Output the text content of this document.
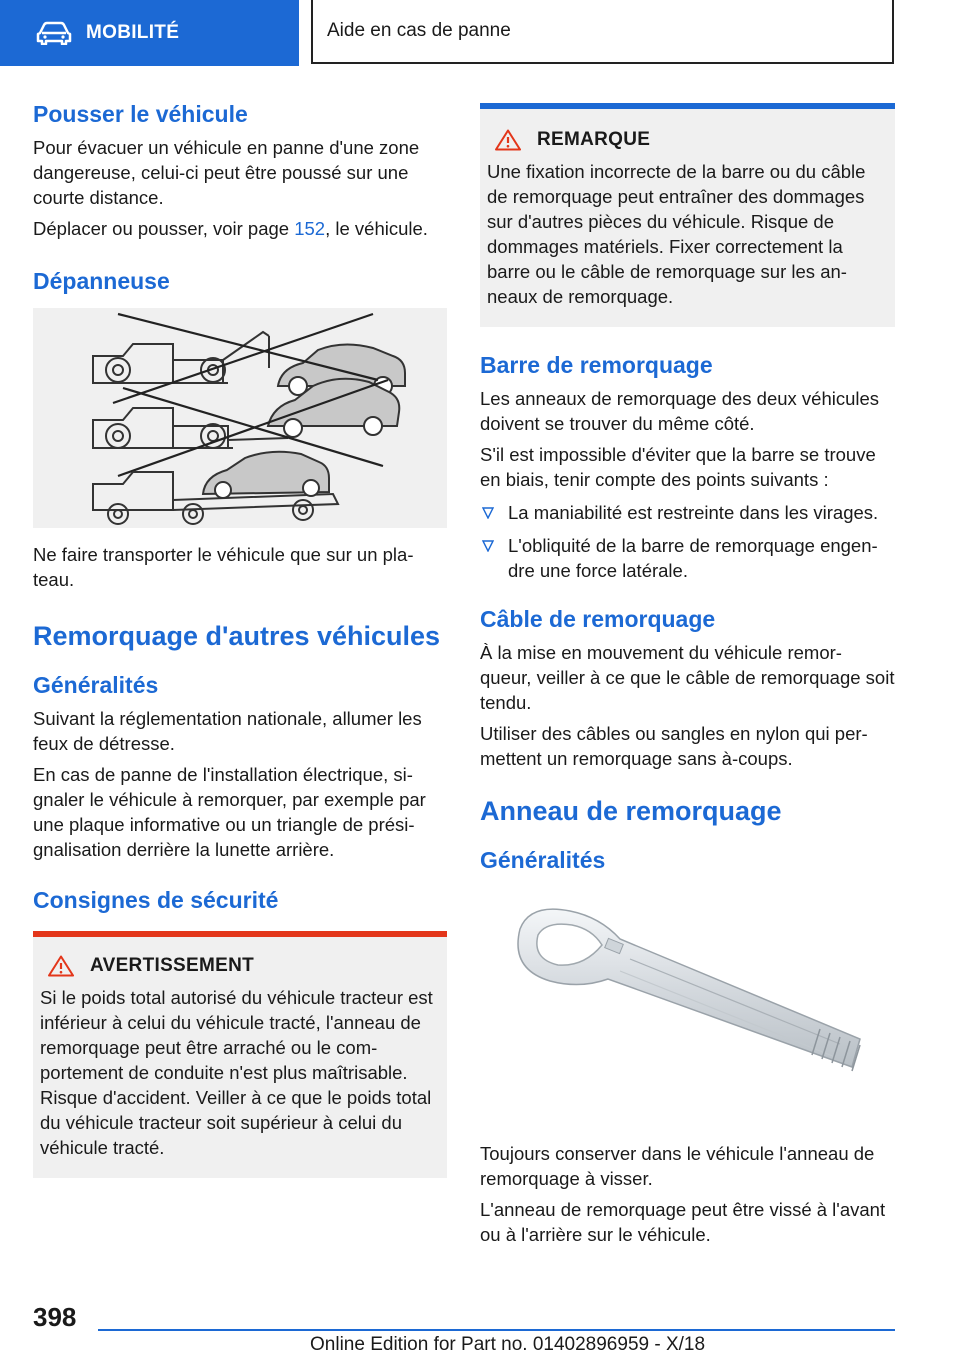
MOBILITÉ	Aide en cas de panne
Pousser le véhicule

Pour évacuer un véhicule en panne d'une zone dangereuse, celui-ci peut être poussé sur une courte distance.

Déplacer ou pousser, voir page 152, le véhicule.

Dépanneuse

Ne faire transporter le véhicule que sur un pla‐ teau.

Remorquage d'autres véhicules
Généralités

Suivant la réglementation nationale, allumer les feux de détresse.

En cas de panne de l'installation électrique, si‐ gnaler le véhicule à remorquer, par exemple par une plaque informative ou un triangle de prési‐ gnalisation derrière la lunette arrière.

Consignes de sécurité
AVERTISSEMENT

Si le poids total autorisé du véhicule tracteur est inférieur à celui du véhicule tracté, l'anneau de remorquage peut être arraché ou le com‐ portement de conduite n'est plus maîtrisable. Risque d'accident. Veiller à ce que le poids total du véhicule tracteur soit supérieur à celui du véhicule tracté.

REMARQUE

Une fixation incorrecte de la barre ou du câble de remorquage peut entraîner des dommages sur d'autres pièces du véhicule. Risque de dommages matériels. Fixer correctement la barre ou le câble de remorquage sur les an‐ neaux de remorquage.

Barre de remorquage

Les anneaux de remorquage des deux véhicules doivent se trouver du même côté.

S'il est impossible d'éviter que la barre se trouve en biais, tenir compte des points suivants :

La maniabilité est restreinte dans les virages.
L'obliquité de la barre de remorquage engen‐ dre une force latérale.
Câble de remorquage

À la mise en mouvement du véhicule remor‐ queur, veiller à ce que le câble de remorquage soit tendu.

Utiliser des câbles ou sangles en nylon qui per‐ mettent un remorquage sans à-coups.

Anneau de remorquage
Généralités

Toujours conserver dans le véhicule l'anneau de remorquage à visser.

L'anneau de remorquage peut être vissé à l'avant ou à l'arrière sur le véhicule.

398
Online Edition for Part no. 01402896959 - X/18
